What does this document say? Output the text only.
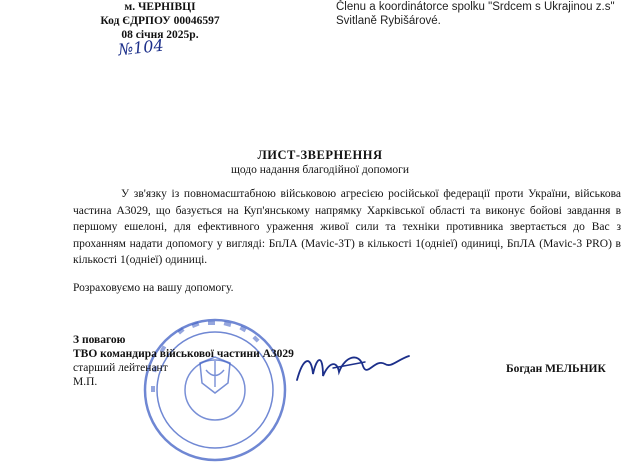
м. ЧЕРНІВЦІ
Код ЄДРПОУ 00046597
08 січня 2025р.
№104
Členu a koordinátorce spolku "Srdcem s Ukrajinou z.s"
Svitlaně Rybišárové.
ЛИСТ-ЗВЕРНЕННЯ
щодо надання благодійної допомоги
У зв'язку із повномасштабною військовою агресією російської федерації проти України, військова частина А3029, що базується на Куп'янському напрямку Харківської області та виконує бойові завдання в першому ешелоні, для ефективного ураження живої сили та техніки противника звертається до Вас з проханням надати допомогу у вигляді: БпЛА (Mavic-3T) в кількості 1(одніеї) одиниці, БпЛА (Mavic-3 PRO) в кількості 1(одніеї) одиниці.
Розраховуємо на вашу допомогу.
З повагою
ТВО командира військової частини А3029
старший лейтенант
М.П.
Богдан МЕЛЬНИК
